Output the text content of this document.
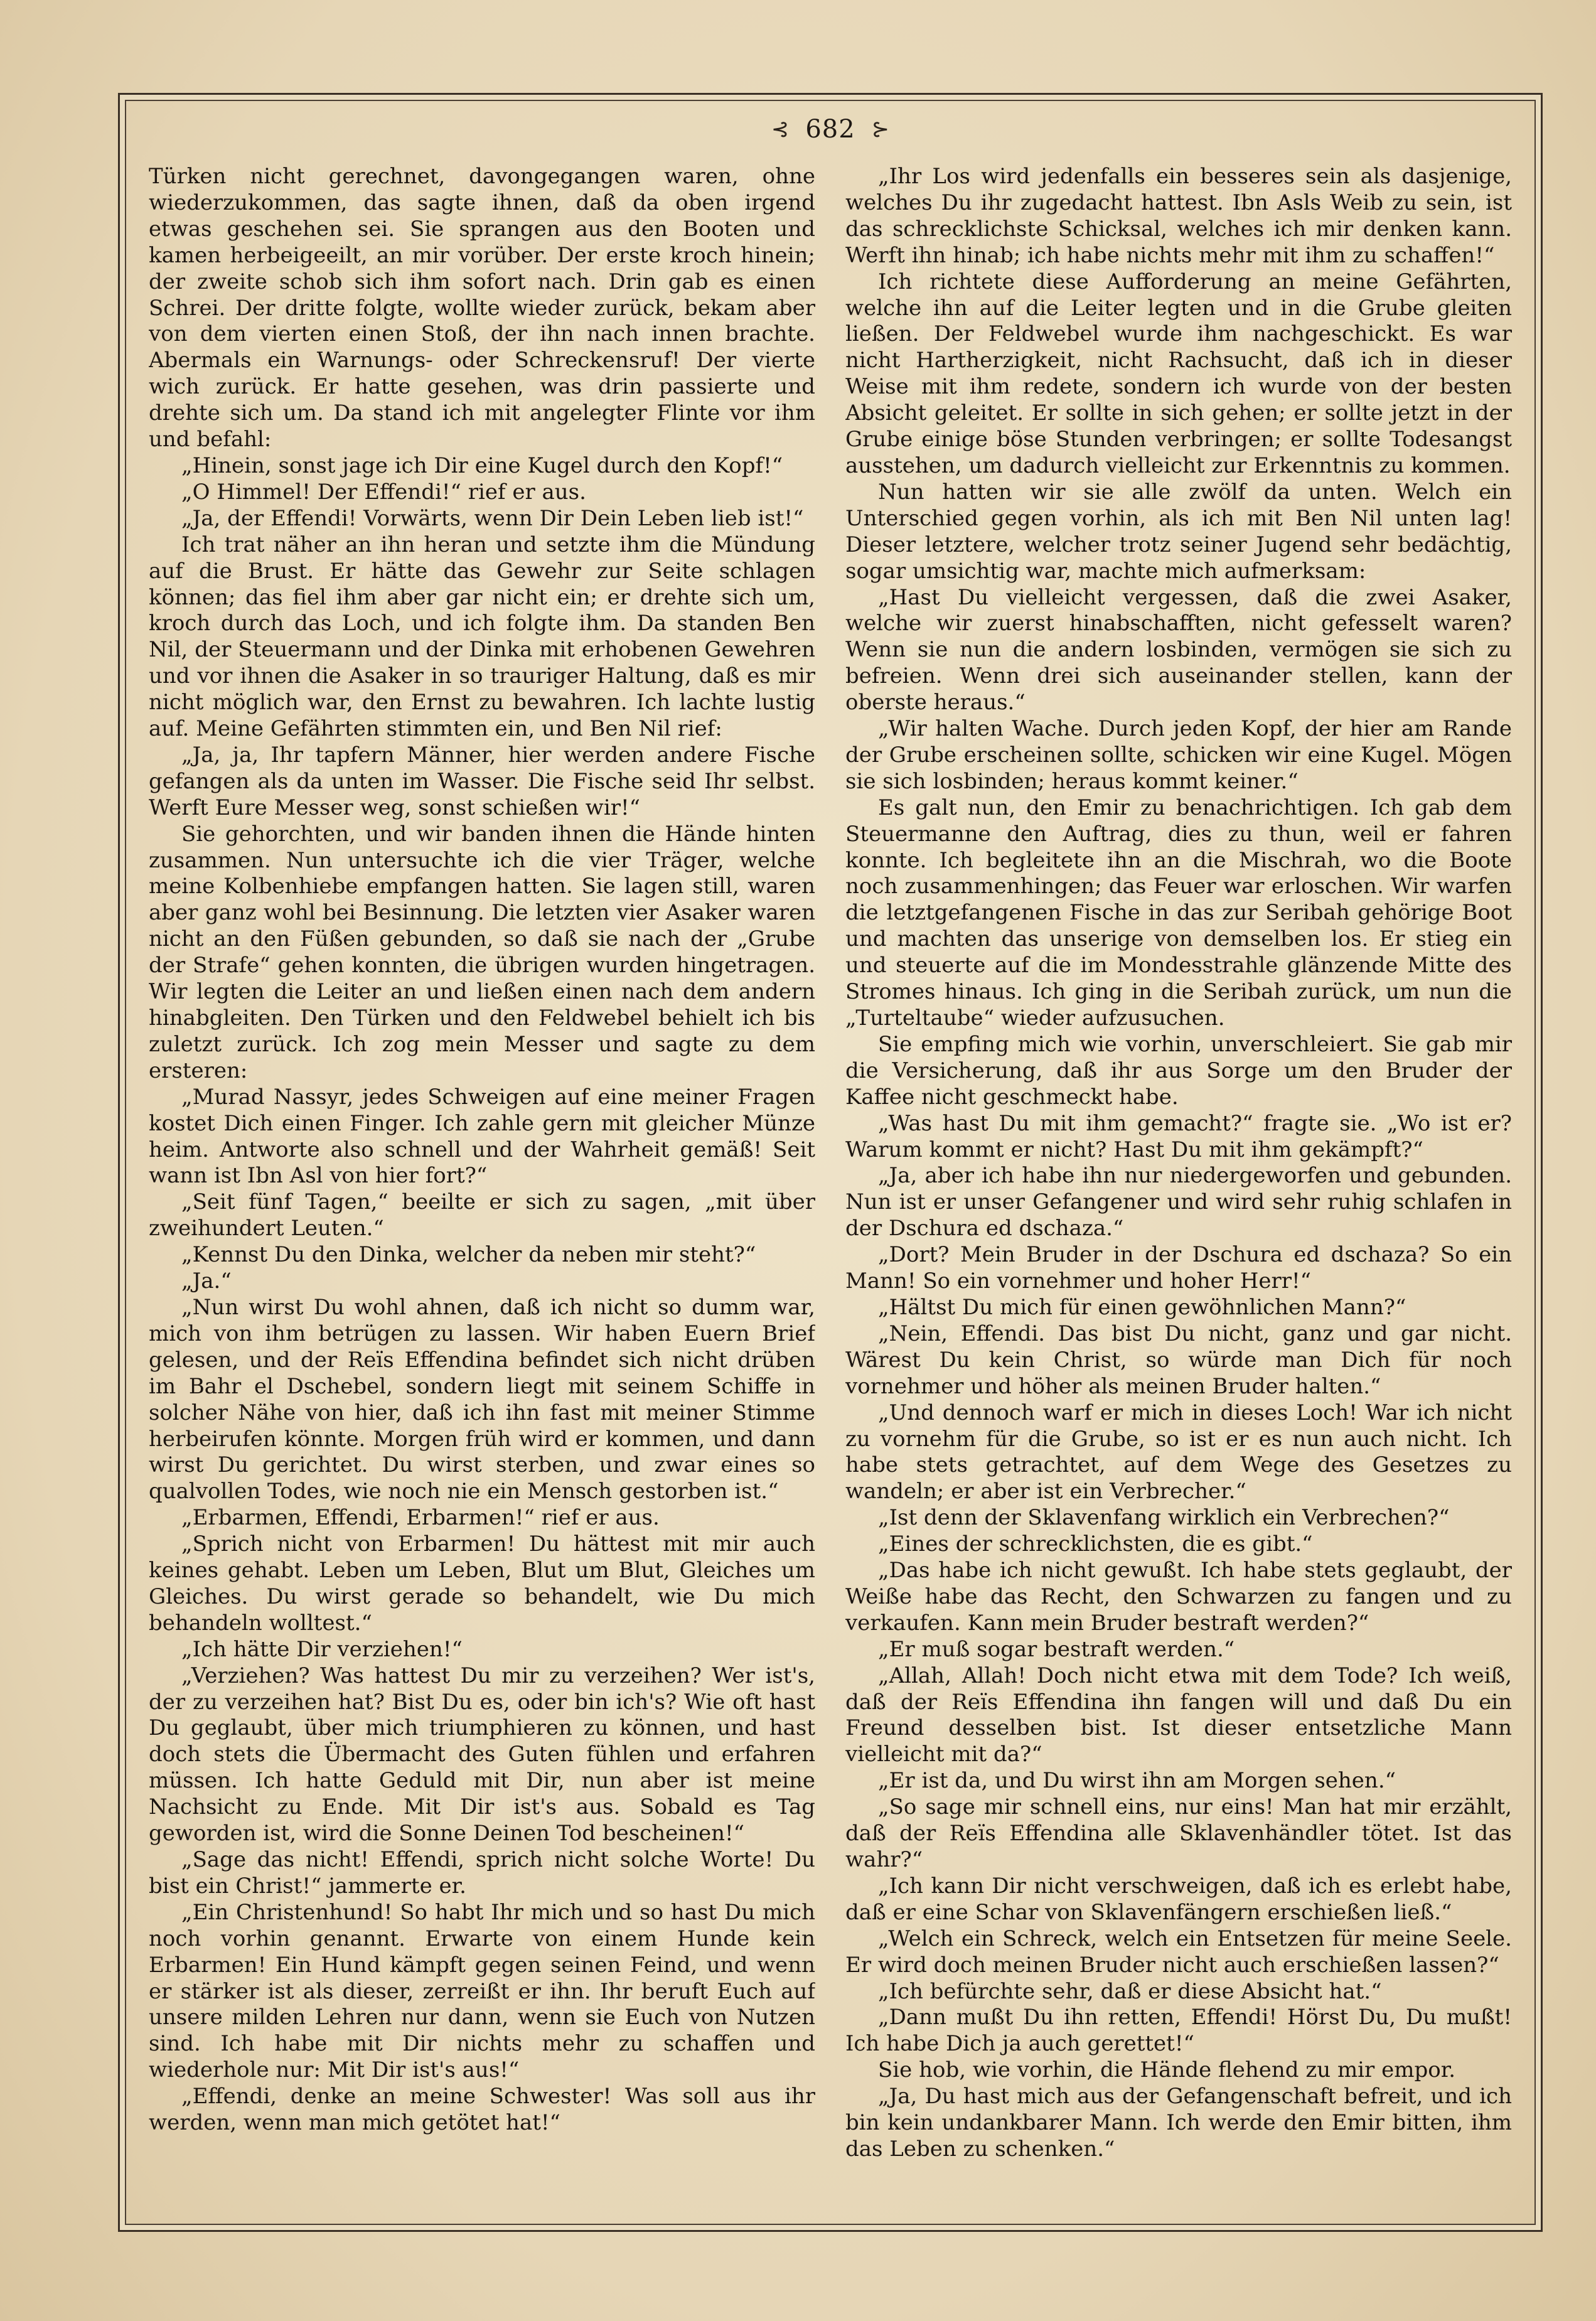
⊰ 682 ⊱

Türken nicht gerechnet, davongegangen waren, ohne wiederzukommen, das sagte ihnen, daß da oben irgend etwas geschehen sei. Sie sprangen aus den Booten und kamen herbeigeeilt, an mir vorüber. Der erste kroch hinein; der zweite schob sich ihm sofort nach. Drin gab es einen Schrei. Der dritte folgte, wollte wieder zurück, bekam aber von dem vierten einen Stoß, der ihn nach innen brachte. Abermals ein Warnungs- oder Schreckensruf! Der vierte wich zurück. Er hatte gesehen, was drin passierte und drehte sich um. Da stand ich mit angelegter Flinte vor ihm und befahl:

„Hinein, sonst jage ich Dir eine Kugel durch den Kopf!“

„O Himmel! Der Effendi!“ rief er aus.

„Ja, der Effendi! Vorwärts, wenn Dir Dein Leben lieb ist!“

Ich trat näher an ihn heran und setzte ihm die Mündung auf die Brust. Er hätte das Gewehr zur Seite schlagen können; das fiel ihm aber gar nicht ein; er drehte sich um, kroch durch das Loch, und ich folgte ihm. Da standen Ben Nil, der Steuermann und der Dinka mit erhobenen Gewehren und vor ihnen die Asaker in so trauriger Haltung, daß es mir nicht möglich war, den Ernst zu bewahren. Ich lachte lustig auf. Meine Gefährten stimmten ein, und Ben Nil rief:

„Ja, ja, Ihr tapfern Männer, hier werden andere Fische gefangen als da unten im Wasser. Die Fische seid Ihr selbst. Werft Eure Messer weg, sonst schießen wir!“

Sie gehorchten, und wir banden ihnen die Hände hinten zusammen. Nun untersuchte ich die vier Träger, welche meine Kolbenhiebe empfangen hatten. Sie lagen still, waren aber ganz wohl bei Besinnung. Die letzten vier Asaker waren nicht an den Füßen gebunden, so daß sie nach der „Grube der Strafe“ gehen konnten, die übrigen wurden hingetragen. Wir legten die Leiter an und ließen einen nach dem andern hinabgleiten. Den Türken und den Feldwebel behielt ich bis zuletzt zurück. Ich zog mein Messer und sagte zu dem ersteren:

„Murad Nassyr, jedes Schweigen auf eine meiner Fragen kostet Dich einen Finger. Ich zahle gern mit gleicher Münze heim. Antworte also schnell und der Wahrheit gemäß! Seit wann ist Ibn Asl von hier fort?“

„Seit fünf Tagen,“ beeilte er sich zu sagen, „mit über zweihundert Leuten.“

„Kennst Du den Dinka, welcher da neben mir steht?“

„Ja.“

„Nun wirst Du wohl ahnen, daß ich nicht so dumm war, mich von ihm betrügen zu lassen. Wir haben Euern Brief gelesen, und der Reïs Effendina befindet sich nicht drüben im Bahr el Dschebel, sondern liegt mit seinem Schiffe in solcher Nähe von hier, daß ich ihn fast mit meiner Stimme herbeirufen könnte. Morgen früh wird er kommen, und dann wirst Du gerichtet. Du wirst sterben, und zwar eines so qualvollen Todes, wie noch nie ein Mensch gestorben ist.“

„Erbarmen, Effendi, Erbarmen!“ rief er aus.

„Sprich nicht von Erbarmen! Du hättest mit mir auch keines gehabt. Leben um Leben, Blut um Blut, Gleiches um Gleiches. Du wirst gerade so behandelt, wie Du mich behandeln wolltest.“

„Ich hätte Dir verziehen!“

„Verziehen? Was hattest Du mir zu verzeihen? Wer ist's, der zu verzeihen hat? Bist Du es, oder bin ich's? Wie oft hast Du geglaubt, über mich triumphieren zu können, und hast doch stets die Übermacht des Guten fühlen und erfahren müssen. Ich hatte Geduld mit Dir, nun aber ist meine Nachsicht zu Ende. Mit Dir ist's aus. Sobald es Tag geworden ist, wird die Sonne Deinen Tod bescheinen!“

„Sage das nicht! Effendi, sprich nicht solche Worte! Du bist ein Christ!“ jammerte er.

„Ein Christenhund! So habt Ihr mich und so hast Du mich noch vorhin genannt. Erwarte von einem Hunde kein Erbarmen! Ein Hund kämpft gegen seinen Feind, und wenn er stärker ist als dieser, zerreißt er ihn. Ihr beruft Euch auf unsere milden Lehren nur dann, wenn sie Euch von Nutzen sind. Ich habe mit Dir nichts mehr zu schaffen und wiederhole nur: Mit Dir ist's aus!“

„Effendi, denke an meine Schwester! Was soll aus ihr werden, wenn man mich getötet hat!“

„Ihr Los wird jedenfalls ein besseres sein als dasjenige, welches Du ihr zugedacht hattest. Ibn Asls Weib zu sein, ist das schrecklichste Schicksal, welches ich mir denken kann. Werft ihn hinab; ich habe nichts mehr mit ihm zu schaffen!“

Ich richtete diese Aufforderung an meine Gefährten, welche ihn auf die Leiter legten und in die Grube gleiten ließen. Der Feldwebel wurde ihm nachgeschickt. Es war nicht Hartherzigkeit, nicht Rachsucht, daß ich in dieser Weise mit ihm redete, sondern ich wurde von der besten Absicht geleitet. Er sollte in sich gehen; er sollte jetzt in der Grube einige böse Stunden verbringen; er sollte Todesangst ausstehen, um dadurch vielleicht zur Erkenntnis zu kommen.

Nun hatten wir sie alle zwölf da unten. Welch ein Unterschied gegen vorhin, als ich mit Ben Nil unten lag! Dieser letztere, welcher trotz seiner Jugend sehr bedächtig, sogar umsichtig war, machte mich aufmerksam:

„Hast Du vielleicht vergessen, daß die zwei Asaker, welche wir zuerst hinabschafften, nicht gefesselt waren? Wenn sie nun die andern losbinden, vermögen sie sich zu befreien. Wenn drei sich auseinander stellen, kann der oberste heraus.“

„Wir halten Wache. Durch jeden Kopf, der hier am Rande der Grube erscheinen sollte, schicken wir eine Kugel. Mögen sie sich losbinden; heraus kommt keiner.“

Es galt nun, den Emir zu benachrichtigen. Ich gab dem Steuermanne den Auftrag, dies zu thun, weil er fahren konnte. Ich begleitete ihn an die Mischrah, wo die Boote noch zusammenhingen; das Feuer war erloschen. Wir warfen die letztgefangenen Fische in das zur Seribah gehörige Boot und machten das unserige von demselben los. Er stieg ein und steuerte auf die im Mondesstrahle glänzende Mitte des Stromes hinaus. Ich ging in die Seribah zurück, um nun die „Turteltaube“ wieder aufzusuchen.

Sie empfing mich wie vorhin, unverschleiert. Sie gab mir die Versicherung, daß ihr aus Sorge um den Bruder der Kaffee nicht geschmeckt habe.

„Was hast Du mit ihm gemacht?“ fragte sie. „Wo ist er? Warum kommt er nicht? Hast Du mit ihm gekämpft?“

„Ja, aber ich habe ihn nur niedergeworfen und gebunden. Nun ist er unser Gefangener und wird sehr ruhig schlafen in der Dschura ed dschaza.“

„Dort? Mein Bruder in der Dschura ed dschaza? So ein Mann! So ein vornehmer und hoher Herr!“

„Hältst Du mich für einen gewöhnlichen Mann?“

„Nein, Effendi. Das bist Du nicht, ganz und gar nicht. Wärest Du kein Christ, so würde man Dich für noch vornehmer und höher als meinen Bruder halten.“

„Und dennoch warf er mich in dieses Loch! War ich nicht zu vornehm für die Grube, so ist er es nun auch nicht. Ich habe stets getrachtet, auf dem Wege des Gesetzes zu wandeln; er aber ist ein Verbrecher.“

„Ist denn der Sklavenfang wirklich ein Verbrechen?“

„Eines der schrecklichsten, die es gibt.“

„Das habe ich nicht gewußt. Ich habe stets geglaubt, der Weiße habe das Recht, den Schwarzen zu fangen und zu verkaufen. Kann mein Bruder bestraft werden?“

„Er muß sogar bestraft werden.“

„Allah, Allah! Doch nicht etwa mit dem Tode? Ich weiß, daß der Reïs Effendina ihn fangen will und daß Du ein Freund desselben bist. Ist dieser entsetzliche Mann vielleicht mit da?“

„Er ist da, und Du wirst ihn am Morgen sehen.“

„So sage mir schnell eins, nur eins! Man hat mir erzählt, daß der Reïs Effendina alle Sklavenhändler tötet. Ist das wahr?“

„Ich kann Dir nicht verschweigen, daß ich es erlebt habe, daß er eine Schar von Sklavenfängern erschießen ließ.“

„Welch ein Schreck, welch ein Entsetzen für meine Seele. Er wird doch meinen Bruder nicht auch erschießen lassen?“

„Ich befürchte sehr, daß er diese Absicht hat.“

„Dann mußt Du ihn retten, Effendi! Hörst Du, Du mußt! Ich habe Dich ja auch gerettet!“

Sie hob, wie vorhin, die Hände flehend zu mir empor.

„Ja, Du hast mich aus der Gefangenschaft befreit, und ich bin kein undankbarer Mann. Ich werde den Emir bitten, ihm das Leben zu schenken.“
